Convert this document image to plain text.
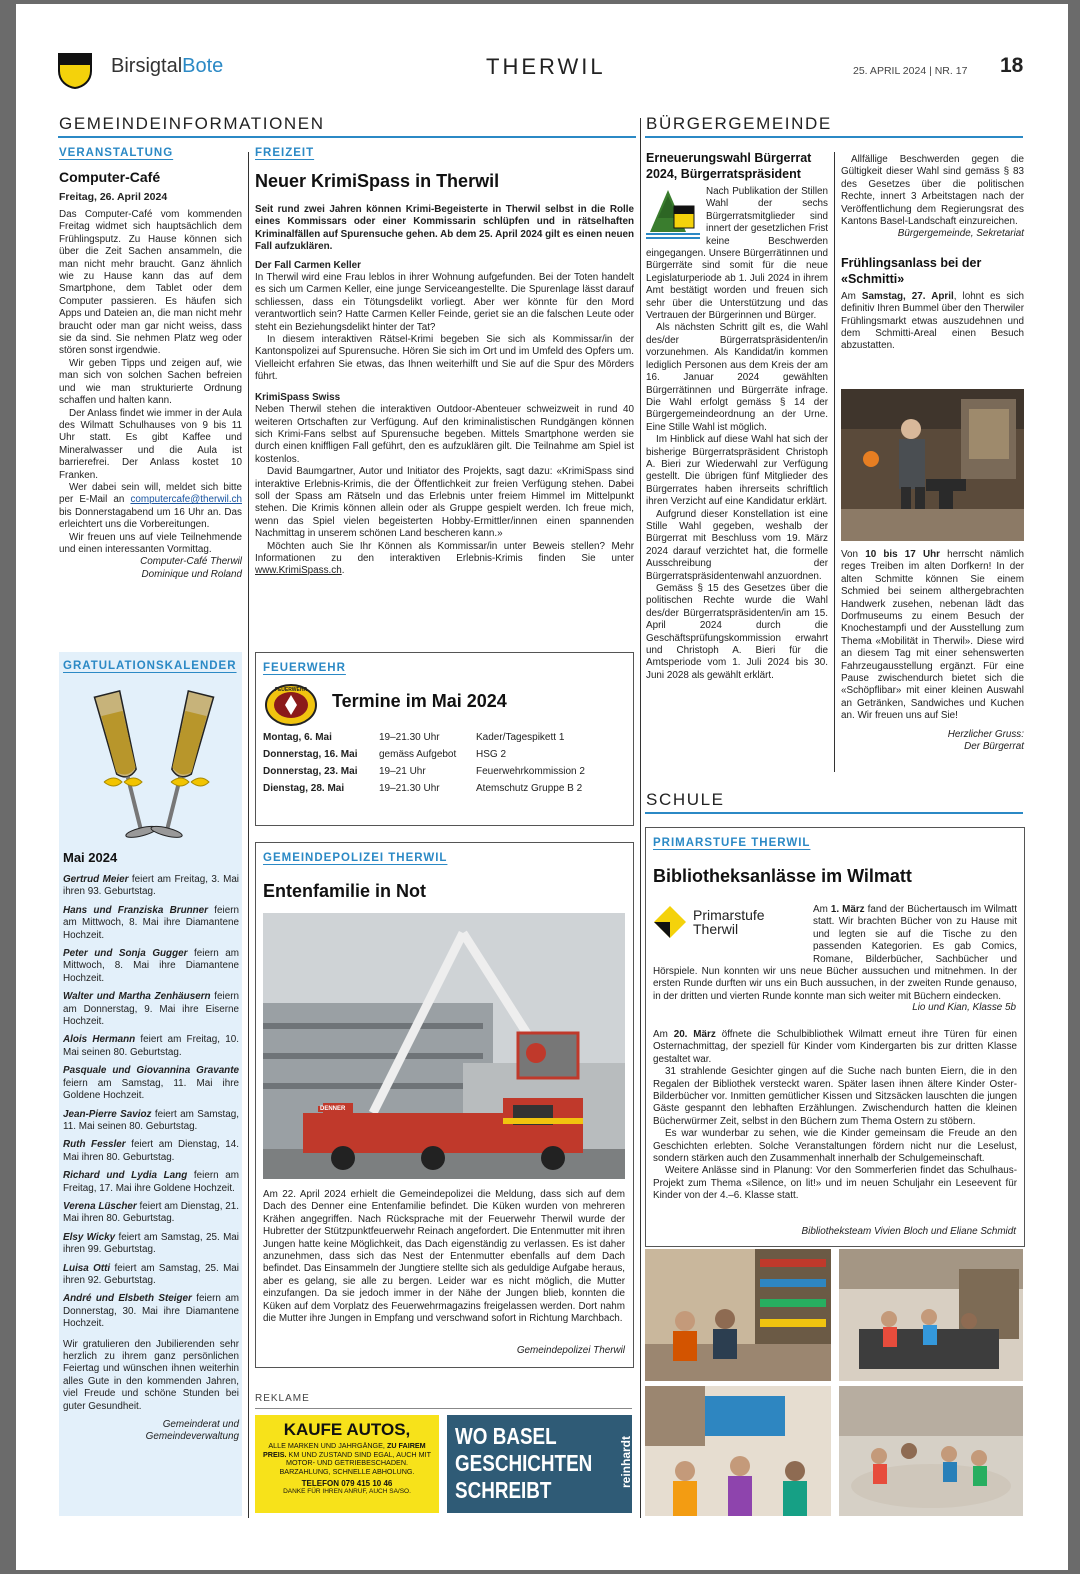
BirsigtalBote	THERWIL	25. APRIL 2024 | NR. 17 18
GEMEINDEINFORMATIONEN	BÜRGERGEMEINDE
VERANSTALTUNG
Computer-Café
Freitag, 26. April 2024
Das Computer-Café vom kommenden Freitag widmet sich hauptsächlich dem Frühlingsputz. Zu Hause können sich über die Zeit Sachen ansammeln, die man nicht mehr braucht. Ganz ähnlich wie zu Hause kann das auf dem Smartphone, dem Tablet oder dem Computer passieren. Es häufen sich Apps und Dateien an, die man nicht mehr braucht oder man gar nicht weiss, dass sie da sind. Sie nehmen Platz weg oder stören sonst irgendwie.
Wir geben Tipps und zeigen auf, wie man sich von solchen Sachen befreien und wie man strukturierte Ordnung schaffen und halten kann.
Der Anlass findet wie immer in der Aula des Wilmatt Schulhauses von 9 bis 11 Uhr statt. Es gibt Kaffee und Mineralwasser und die Aula ist barrierefrei. Der Anlass kostet 10 Franken.
Wer dabei sein will, meldet sich bitte per E-Mail an computercafe@therwil.ch bis Donnerstagabend um 16 Uhr an. Das erleichtert uns die Vorbereitungen.
Wir freuen uns auf viele Teilnehmende und einen interessanten Vormittag.
Computer-Café Therwil
Dominique und Roland
GRATULATIONSKALENDER
Mai 2024

Gertrud Meier feiert am Freitag, 3. Mai ihren 93. Geburtstag.

Hans und Franziska Brunner feiern am Mittwoch, 8. Mai ihre Diamantene Hochzeit.

Peter und Sonja Gugger feiern am Mittwoch, 8. Mai ihre Diamantene Hochzeit.

Walter und Martha Zenhäusern feiern am Donnerstag, 9. Mai ihre Eiserne Hochzeit.

Alois Hermann feiert am Freitag, 10. Mai seinen 80. Geburtstag.

Pasquale und Giovannina Gravante feiern am Samstag, 11. Mai ihre Goldene Hochzeit.

Jean-Pierre Savioz feiert am Samstag, 11. Mai seinen 80. Geburtstag.

Ruth Fessler feiert am Dienstag, 14. Mai ihren 80. Geburtstag.

Richard und Lydia Lang feiern am Freitag, 17. Mai ihre Goldene Hochzeit.

Verena Lüscher feiert am Dienstag, 21. Mai ihren 80. Geburtstag.

Elsy Wicky feiert am Samstag, 25. Mai ihren 99. Geburtstag.

Luisa Otti feiert am Samstag, 25. Mai ihren 92. Geburtstag.

André und Elsbeth Steiger feiern am Donnerstag, 30. Mai ihre Diamantene Hochzeit.

Wir gratulieren den Jubilierenden sehr herzlich zu ihrem ganz persönlichen Feiertag und wünschen ihnen weiterhin alles Gute in den kommenden Jahren, viel Freude und schöne Stunden bei guter Gesundheit.

Gemeinderat und
Gemeindeverwaltung
FREIZEIT
Neuer KrimiSpass in Therwil
Seit rund zwei Jahren können Krimi-Begeisterte in Therwil selbst in die Rolle eines Kommissars oder einer Kommissarin schlüpfen und in rätselhaften Kriminalfällen auf Spurensuche gehen. Ab dem 25. April 2024 gilt es einen neuen Fall aufzuklären.
Der Fall Carmen Keller
In Therwil wird eine Frau leblos in ihrer Wohnung aufgefunden. Bei der Toten handelt es sich um Carmen Keller, eine junge Serviceangestellte. Die Spurenlage lässt darauf schliessen, dass ein Tötungsdelikt vorliegt. Aber wer könnte für den Mord verantwortlich sein? Hatte Carmen Keller Feinde, geriet sie an die falschen Leute oder steht ein Beziehungsdelikt hinter der Tat?
In diesem interaktiven Rätsel-Krimi begeben Sie sich als Kommissar/in der Kantonspolizei auf Spurensuche. Hören Sie sich im Ort und im Umfeld des Opfers um. Vielleicht erfahren Sie etwas, das Ihnen weiterhilft und Sie auf die Spur des Mörders führt.
KrimiSpass Swiss
Neben Therwil stehen die interaktiven Outdoor-Abenteuer schweizweit in rund 40 weiteren Ortschaften zur Verfügung. Auf den kriminalistischen Rundgängen können sich Krimi-Fans selbst auf Spurensuche begeben. Mittels Smartphone werden sie durch einen kniffligen Fall geführt, den es aufzuklären gilt. Die Teilnahme am Spiel ist kostenlos.
David Baumgartner, Autor und Initiator des Projekts, sagt dazu: «KrimiSpass sind interaktive Erlebnis-Krimis, die der Öffentlichkeit zur freien Verfügung stehen. Dabei soll der Spass am Rätseln und das Erlebnis unter freiem Himmel im Mittelpunkt stehen. Die Krimis können allein oder als Gruppe gespielt werden. Ich freue mich, wenn das Spiel vielen begeisterten Hobby-Ermittler/innen einen spannenden Nachmittag in unserem schönen Land bescheren kann.»
Möchten auch Sie Ihr Können als Kommissar/in unter Beweis stellen? Mehr Informationen zu den interaktiven Erlebnis-Krimis finden Sie unter www.KrimiSpass.ch.
FEUERWEHR
FEUERWEHR
Termine im Mai 2024
Montag, 6. Mai	19–21.30 Uhr	Kader/Tagespikett 1
Donnerstag, 16. Mai	gemäss Aufgebot	HSG 2
Donnerstag, 23. Mai	19–21 Uhr	Feuerwehrkommission 2
Dienstag, 28. Mai	19–21.30 Uhr	Atemschutz Gruppe B 2
GEMEINDEPOLIZEI THERWIL
Entenfamilie in Not
DENNER
Am 22. April 2024 erhielt die Gemeindepolizei die Meldung, dass sich auf dem Dach des Denner eine Entenfamilie befindet. Die Küken wurden von mehreren Krähen angegriffen. Nach Rücksprache mit der Feuerwehr Therwil wurde der Hubretter der Stützpunktfeuerwehr Reinach angefordert. Die Entenmutter mit ihren Jungen hatte keine Möglichkeit, das Dach eigenständig zu verlassen. Es ist daher anzunehmen, dass sich das Nest der Entenmutter ebenfalls auf dem Dach befindet. Das Einsammeln der Jungtiere stellte sich als geduldige Aufgabe heraus, aber es gelang, sie alle zu bergen. Leider war es nicht möglich, die Mutter einzufangen. Da sie jedoch immer in der Nähe der Jungen blieb, konnten die Küken auf dem Vorplatz des Feuerwehrmagazins freigelassen werden. Dort nahm die Mutter ihre Jungen in Empfang und verschwand sofort in Richtung Marchbach.
Gemeindepolizei Therwil
REKLAME
KAUFE AUTOS,
ALLE MARKEN UND JAHRGÄNGE, ZU FAIREM PREIS. KM UND ZUSTAND SIND EGAL, AUCH MIT MOTOR- UND GETRIEBESCHADEN. BARZAHLUNG, SCHNELLE ABHOLUNG.
TELEFON 079 415 10 46
DANKE FÜR IHREN ANRUF, AUCH SA/SO.
WO BASEL
GESCHICHTEN
SCHREIBT
reinhardt
Erneuerungswahl Bürgerrat 2024, Bürgerratspräsident
Nach Publikation der Stillen Wahl der sechs Bürgerratsmitglieder sind innert der gesetzlichen Frist keine Beschwerden eingegangen. Unsere Bürgerrätinnen und Bürgerräte sind somit für die neue Legislaturperiode ab 1. Juli 2024 in ihrem Amt bestätigt worden und freuen sich sehr über die Unterstützung und das Vertrauen der Bürgerinnen und Bürger.
Als nächsten Schritt gilt es, die Wahl des/der Bürgerratspräsidenten/in vorzunehmen. Als Kandidat/in kommen lediglich Personen aus dem Kreis der am 16. Januar 2024 gewählten Bürgerrätinnen und Bürgerräte infrage. Die Wahl erfolgt gemäss § 14 der Bürgergemeindeordnung an der Urne. Eine Stille Wahl ist möglich.
Im Hinblick auf diese Wahl hat sich der bisherige Bürgerratspräsident Christoph A. Bieri zur Wiederwahl zur Verfügung gestellt. Die übrigen fünf Mitglieder des Bürgerrates haben ihrerseits schriftlich ihren Verzicht auf eine Kandidatur erklärt.
Aufgrund dieser Konstellation ist eine Stille Wahl gegeben, weshalb der Bürgerrat mit Beschluss vom 19. März 2024 darauf verzichtet hat, die formelle Ausschreibung der Bürgerratspräsidentenwahl anzuordnen.
Gemäss § 15 des Gesetzes über die politischen Rechte wurde die Wahl des/der Bürgerratspräsidenten/in am 15. April 2024 durch die Geschäftsprüfungskommission erwahrt und Christoph A. Bieri für die Amtsperiode vom 1. Juli 2024 bis 30. Juni 2028 als gewählt erklärt.
Allfällige Beschwerden gegen die Gültigkeit dieser Wahl sind gemäss § 83 des Gesetzes über die politischen Rechte, innert 3 Arbeitstagen nach der Veröffentlichung dem Regierungsrat des Kantons Basel-Landschaft einzureichen.
Bürgergemeinde, Sekretariat
Frühlingsanlass bei der «Schmitti»
Am Samstag, 27. April, lohnt es sich definitiv Ihren Bummel über den Therwiler Frühlingsmarkt etwas auszudehnen und dem Schmitti-Areal einen Besuch abzustatten.
Von 10 bis 17 Uhr herrscht nämlich reges Treiben im alten Dorfkern! In der alten Schmitte können Sie einem Schmied bei seinem althergebrachten Handwerk zusehen, nebenan lädt das Dorfmuseums zu einem Besuch der Knochestampfi und der Ausstellung zum Thema «Mobilität in Therwil». Diese wird an diesem Tag mit einer sehenswerten Fahrzeugausstellung ergänzt. Für eine Pause zwischendurch bietet sich die «Schöpflibar» mit einer kleinen Auswahl an Getränken, Sandwiches und Kuchen an. Wir freuen uns auf Sie!
Herzlicher Gruss:
Der Bürgerrat
SCHULE
PRIMARSTUFE THERWIL
Bibliotheksanlässe im Wilmatt
Primarstufe
Therwil
Am 1. März fand der Büchertausch im Wilmatt statt. Wir brachten Bücher von zu Hause mit und legten sie auf die Tische zu den passenden Kategorien. Es gab Comics, Romane, Bilderbücher, Sachbücher und Hörspiele. Nun konnten wir uns neue Bücher aussuchen und mitnehmen. In der ersten Runde durften wir uns ein Buch aussuchen, in der zweiten Runde genauso, in der dritten und vierten Runde konnte man sich weiter mit Büchern eindecken.
Lio und Kian, Klasse 5b
Am 20. März öffnete die Schulbibliothek Wilmatt erneut ihre Türen für einen Osternachmittag, der speziell für Kinder vom Kindergarten bis zur dritten Klasse gestaltet war.
31 strahlende Gesichter gingen auf die Suche nach bunten Eiern, die in den Regalen der Bibliothek versteckt waren. Später lasen ihnen ältere Kinder Oster-Bilderbücher vor. Inmitten gemütlicher Kissen und Sitzsäcken lauschten die jungen Gäste gespannt den lebhaften Erzählungen. Zwischendurch hatten die kleinen Bücherwürmer Zeit, selbst in den Büchern zum Thema Ostern zu stöbern.
Es war wunderbar zu sehen, wie die Kinder gemeinsam die Freude an den Geschichten erlebten. Solche Veranstaltungen fördern nicht nur die Leselust, sondern stärken auch den Zusammenhalt innerhalb der Schulgemeinschaft.
Weitere Anlässe sind in Planung: Vor den Sommerferien findet das Schulhaus-Projekt zum Thema «Silence, on lit!» und im neuen Schuljahr ein Leseevent für Kinder von der 4.–6. Klasse statt.
Bibliotheksteam Vivien Bloch und Eliane Schmidt
